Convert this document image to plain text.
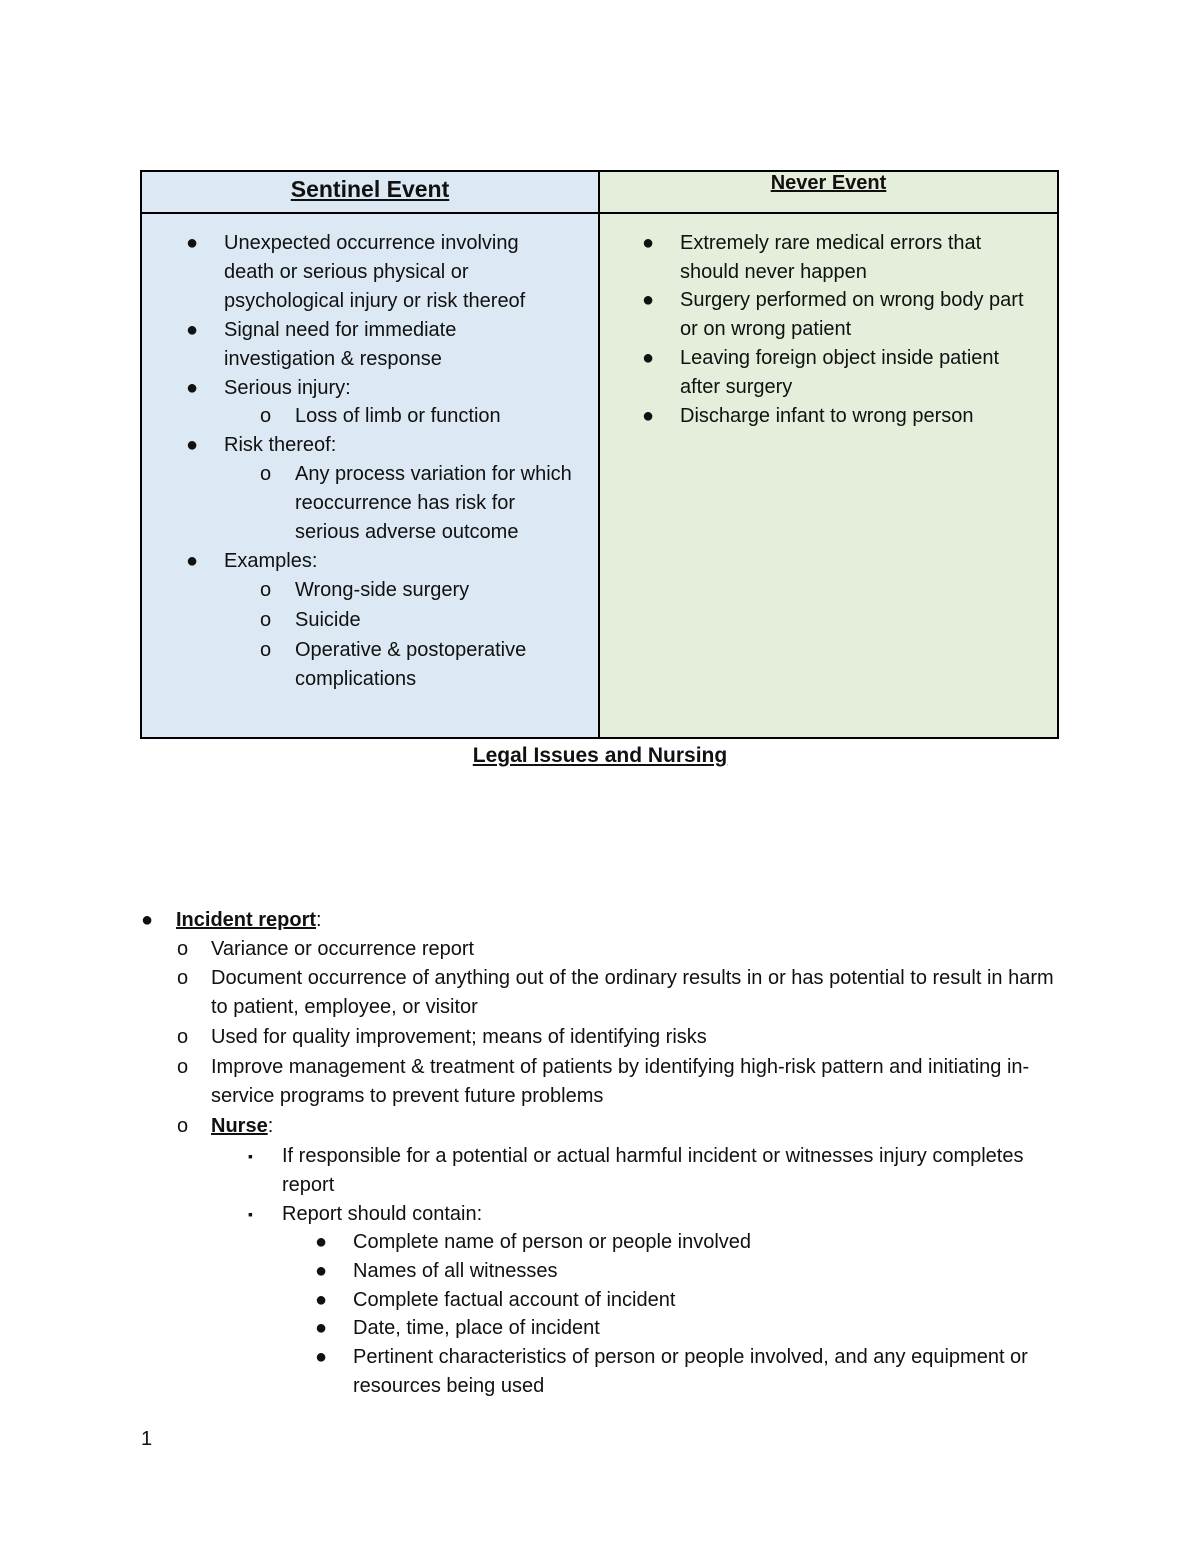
Sentinel Event	Never Event
● Unexpected occurrence involving death or serious physical or psychological injury or risk thereof
● Signal need for immediate investigation & response
● Serious injury:
o Loss of limb or function
● Risk thereof:
o Any process variation for which reoccurrence has risk for serious adverse outcome
● Examples:
o Wrong-side surgery
o Suicide
o Operative & postoperative complications
● Extremely rare medical errors that should never happen
● Surgery performed on wrong body part or on wrong patient
● Leaving foreign object inside patient after surgery
● Discharge infant to wrong person
Legal Issues and Nursing
● Incident report:
o Variance or occurrence report
o Document occurrence of anything out of the ordinary results in or has potential to result in harm to patient, employee, or visitor
o Used for quality improvement; means of identifying risks
o Improve management & treatment of patients by identifying high-risk pattern and initiating in-service programs to prevent future problems
o Nurse:
▪ If responsible for a potential or actual harmful incident or witnesses injury completes report
▪ Report should contain:
● Complete name of person or people involved
● Names of all witnesses
● Complete factual account of incident
● Date, time, place of incident
● Pertinent characteristics of person or people involved, and any equipment or resources being used
1
